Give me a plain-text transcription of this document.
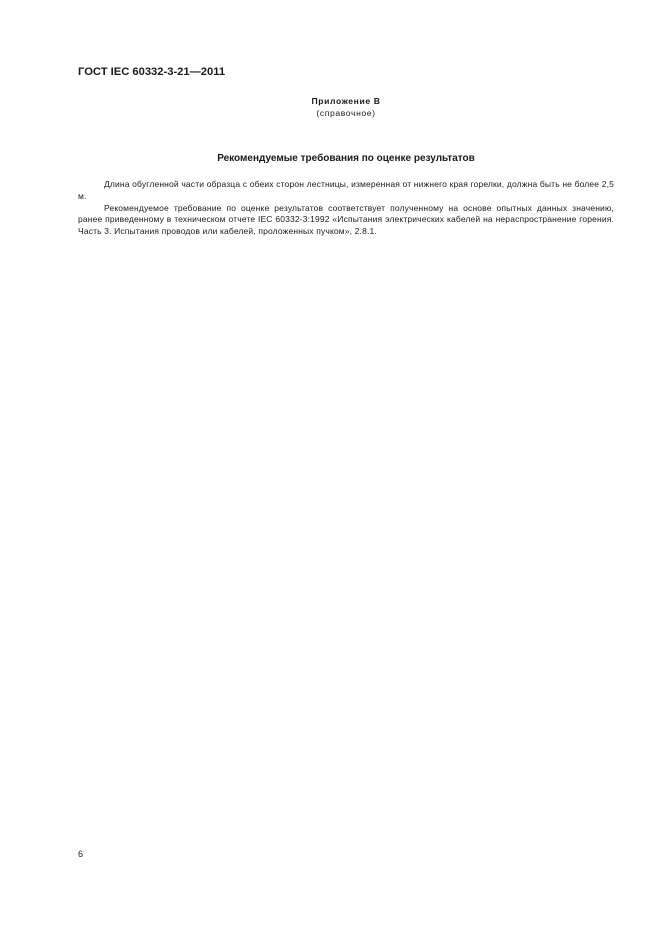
ГОСТ IEC 60332-3-21—2011
Приложение В
(справочное)
Рекомендуемые требования по оценке результатов

Длина обугленной части образца с обеих сторон лестницы, измеренная от нижнего края горелки, должна быть не более 2,5 м.

Рекомендуемое требование по оценке результатов соответствует полученному на основе опытных данных значению, ранее приведенному в техническом отчете IEC 60332-3:1992 «Испытания электрических кабелей на нераспространение горения. Часть 3. Испытания проводов или кабелей, проложенных пучком», 2.8.1.

6
